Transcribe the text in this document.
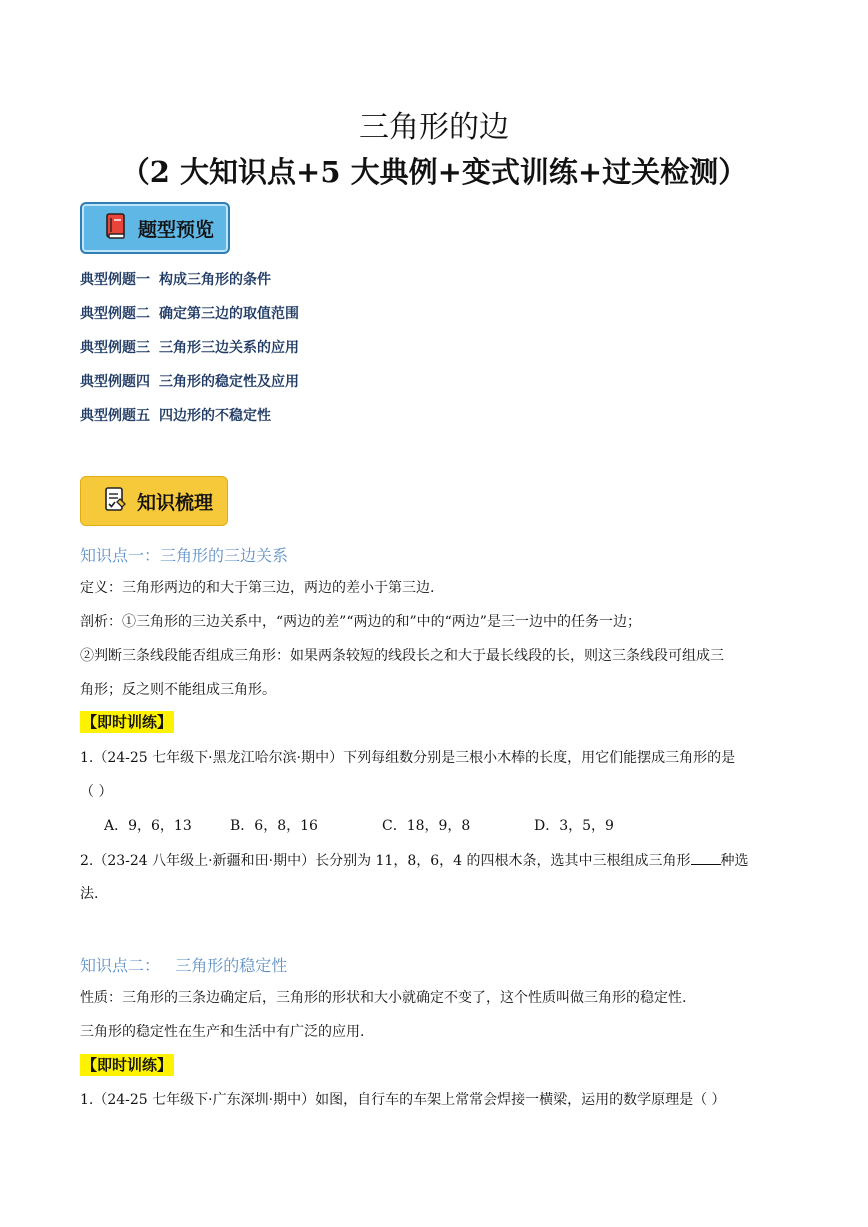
三角形的边
（2 大知识点+5 大典例+变式训练+过关检测）
题型预览
典型例题一 构成三角形的条件
典型例题二 确定第三边的取值范围
典型例题三 三角形三边关系的应用
典型例题四 三角形的稳定性及应用
典型例题五 四边形的不稳定性
知识梳理
知识点一：三角形的三边关系
定义：三角形两边的和大于第三边，两边的差小于第三边.
剖析：①三角形的三边关系中，“两边的差”“两边的和”中的“两边”是三一边中的任务一边；
②判断三条线段能否组成三角形：如果两条较短的线段长之和大于最长线段的长，则这三条线段可组成三
角形；反之则不能组成三角形。
【即时训练】
1.（24-25 七年级下·黑龙江哈尔滨·期中）下列每组数分别是三根小木棒的长度，用它们能摆成三角形的是
（ ）
A．9，6，13	B．6，8，16	C．18，9，8	D．3，5，9
2.（23-24 八年级上·新疆和田·期中）长分别为 11，8，6，4 的四根木条，选其中三根组成三角形 种选
法.
知识点二：   三角形的稳定性
性质：三角形的三条边确定后，三角形的形状和大小就确定不变了，这个性质叫做三角形的稳定性.
三角形的稳定性在生产和生活中有广泛的应用.
【即时训练】
1.（24-25 七年级下·广东深圳·期中）如图，自行车的车架上常常会焊接一横梁，运用的数学原理是（ ）
